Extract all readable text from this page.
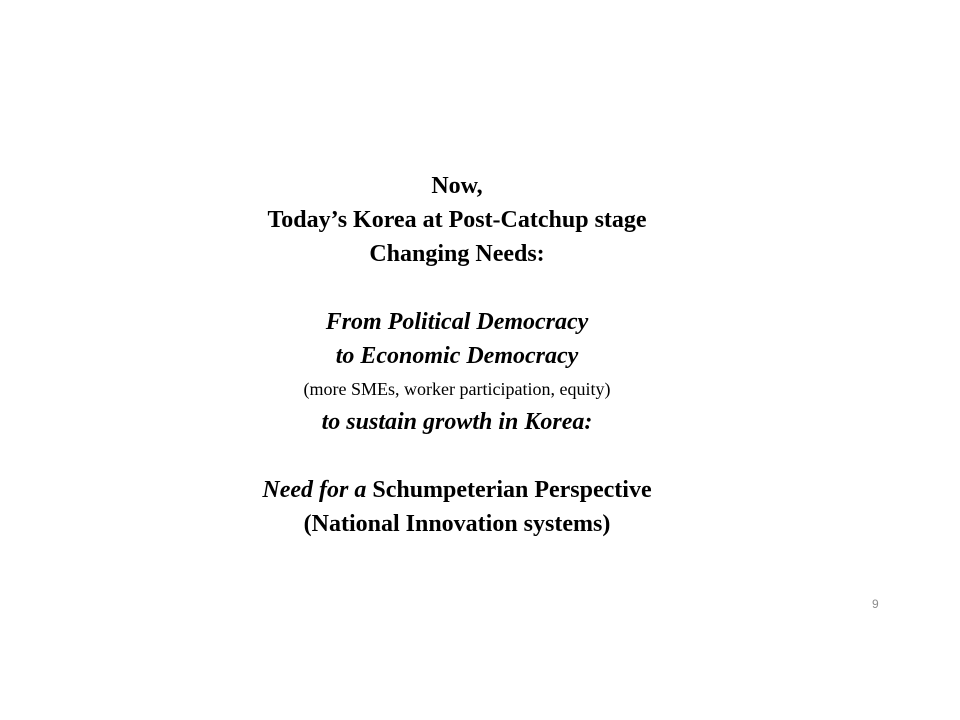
Now,
Today’s Korea at Post-Catchup stage
Changing Needs:
From Political Democracy
to Economic Democracy
(more SMEs, worker participation, equity)
to sustain growth in Korea:
Need for a Schumpeterian Perspective
(National Innovation systems)
9
